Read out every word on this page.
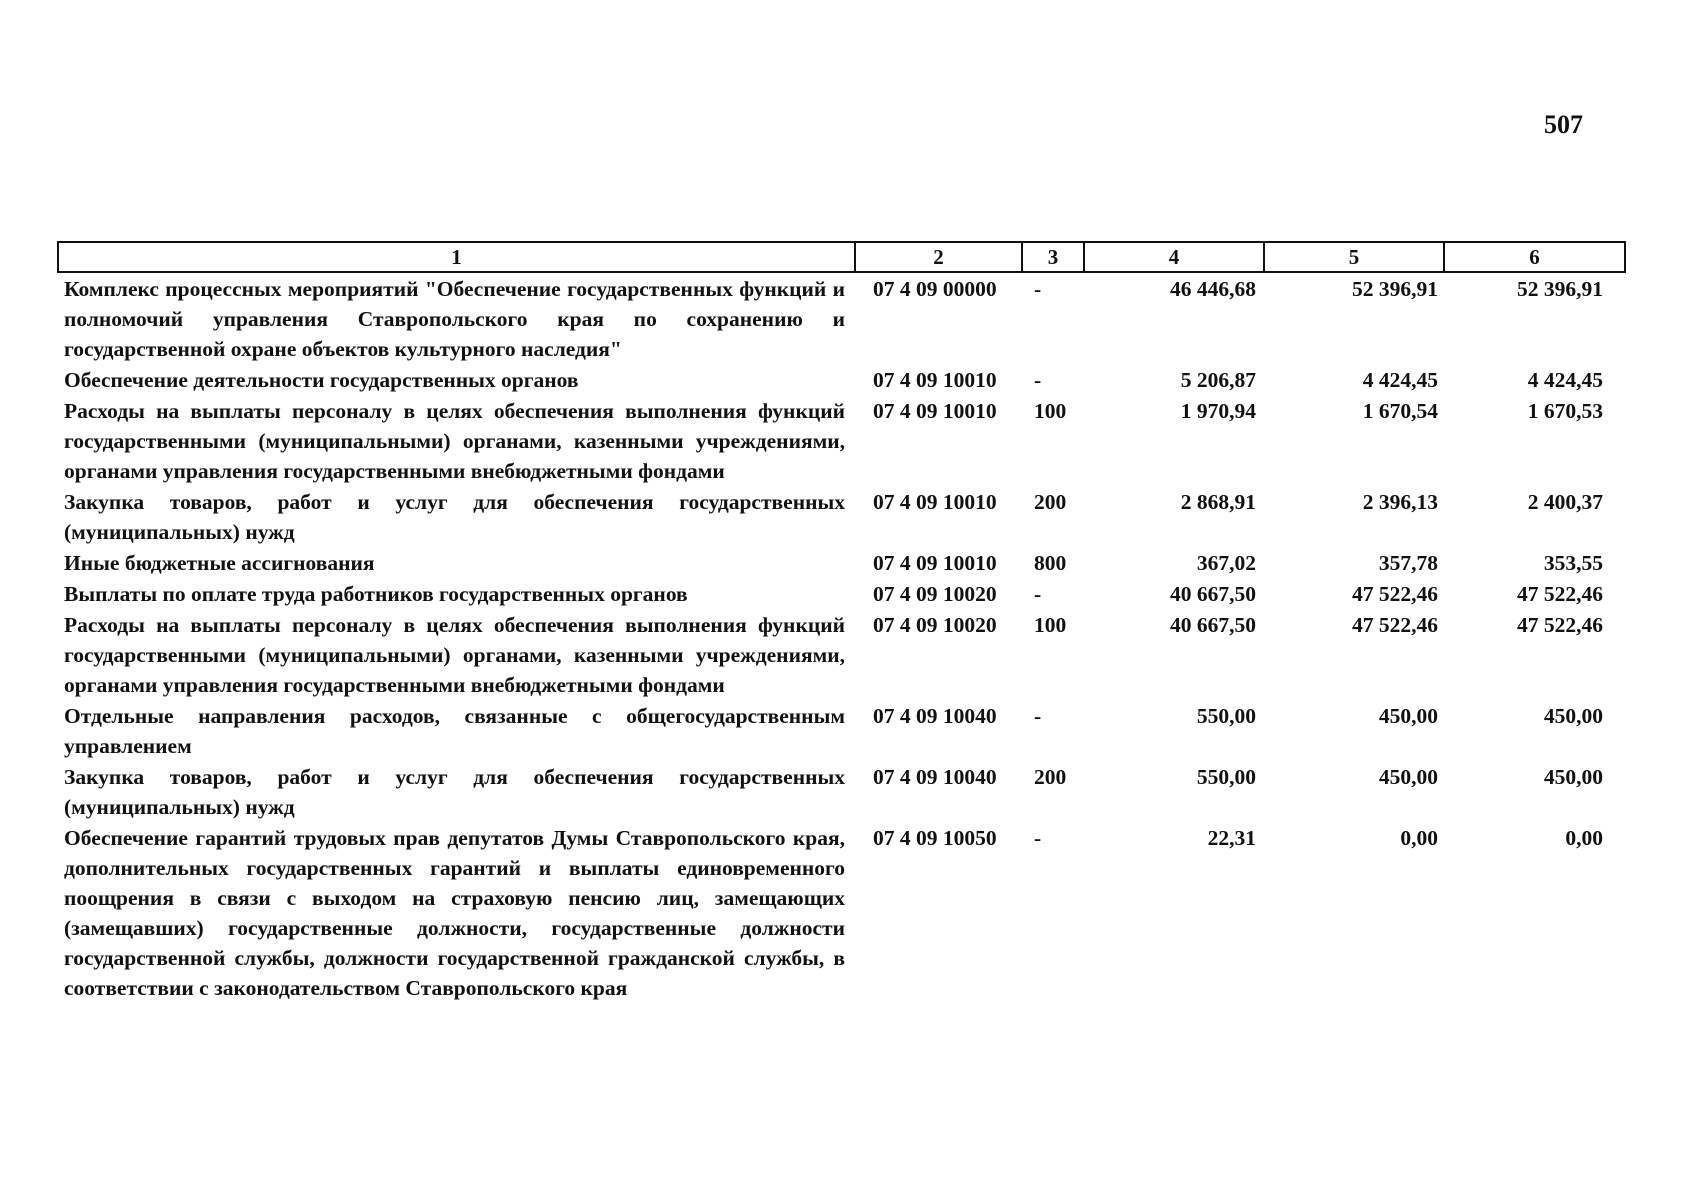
507
1	2	3	4	5	6
Комплекс процессных мероприятий "Обеспечение государственных функций и полномочий управления Ставропольского края по сохранению и государственной охране объектов культурного наследия"	07 4 09 00000	-	46 446,68	52 396,91	52 396,91
Обеспечение деятельности государственных органов	07 4 09 10010	-	5 206,87	4 424,45	4 424,45
Расходы на выплаты персоналу в целях обеспечения выполнения функций государственными (муниципальными) органами, казенными учреждениями, органами управления государственными внебюджетными фондами	07 4 09 10010	100	1 970,94	1 670,54	1 670,53
Закупка товаров, работ и услуг для обеспечения государственных (муниципальных) нужд	07 4 09 10010	200	2 868,91	2 396,13	2 400,37
Иные бюджетные ассигнования	07 4 09 10010	800	367,02	357,78	353,55
Выплаты по оплате труда работников государственных органов	07 4 09 10020	-	40 667,50	47 522,46	47 522,46
Расходы на выплаты персоналу в целях обеспечения выполнения функций государственными (муниципальными) органами, казенными учреждениями, органами управления государственными внебюджетными фондами	07 4 09 10020	100	40 667,50	47 522,46	47 522,46
Отдельные направления расходов, связанные с общегосударственным управлением	07 4 09 10040	-	550,00	450,00	450,00
Закупка товаров, работ и услуг для обеспечения государственных (муниципальных) нужд	07 4 09 10040	200	550,00	450,00	450,00
Обеспечение гарантий трудовых прав депутатов Думы Ставропольского края, дополнительных государственных гарантий и выплаты единовременного поощрения в связи с выходом на страховую пенсию лиц, замещающих (замещавших) государственные должности, государственные должности государственной службы, должности государственной гражданской службы, в соответствии с законодательством Ставропольского края	07 4 09 10050	-	22,31	0,00	0,00
